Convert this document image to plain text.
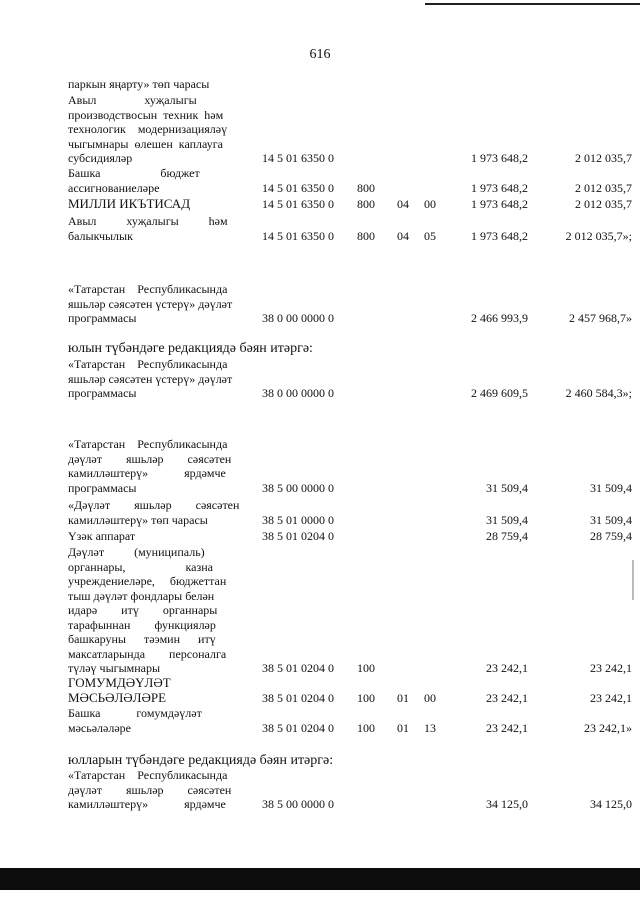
616
паркын яңарту» төп чарасы
Авыл                хуҗалыгы
производствосын  техник  һәм
технологик    модернизацияләү
чыгымнары  өлешен  каплауга
субсидияләр	14 5 01 6350 0	1 973 648,2	2 012 035,7
Башка                    бюджет
ассигнованиеләре	14 5 01 6350 0	800	1 973 648,2	2 012 035,7
МИЛЛИ ИКЪТИСАД	14 5 01 6350 0	800	04	00	1 973 648,2	2 012 035,7
Авыл          хуҗалыгы          һәм
балыкчылык	14 5 01 6350 0	800	04	05	1 973 648,2	2 012 035,7»;
«Татарстан    Республикасында
яшьләр сәясәтен үстерү» дәүләт
программасы	38 0 00 0000 0	2 466 993,9	2 457 968,7»
«Татарстан    Республикасында
яшьләр сәясәтен үстерү» дәүләт
программасы	38 0 00 0000 0	2 469 609,5	2 460 584,3»;
«Татарстан    Республикасында
дәүләт        яшьләр        сәясәтен
камилләштерү»            ярдәмче
программасы	38 5 00 0000 0	31 509,4	31 509,4
«Дәүләт        яшьләр        сәясәтен
камилләштерү» төп чарасы	38 5 01 0000 0	31 509,4	31 509,4
Үзәк аппарат	38 5 01 0204 0	28 759,4	28 759,4
Дәүләт          (муниципаль)
органнары,                    казна
учреждениеләре,     бюджеттан
тыш дәүләт фондлары белән
идарә        итү        органнары
тарафыннан        функцияләр
башкаруны      тәэмин      итү
максатларында        персоналга
түләү чыгымнары	38 5 01 0204 0	100	23 242,1	23 242,1
ГОМУМДӘҮЛӘТ
МӘСЬӘЛӘЛӘРЕ	38 5 01 0204 0	100	01	00	23 242,1	23 242,1
Башка            гомумдәүләт
мәсьәләләре	38 5 01 0204 0	100	01	13	23 242,1	23 242,1»
«Татарстан    Республикасында
дәүләт        яшьләр        сәясәтен
камилләштерү»            ярдәмче	38 5 00 0000 0	34 125,0	34 125,0
юлын түбәндәге редакциядә бәян итәргә:
юлларын түбәндәге редакциядә бәян итәргә:
